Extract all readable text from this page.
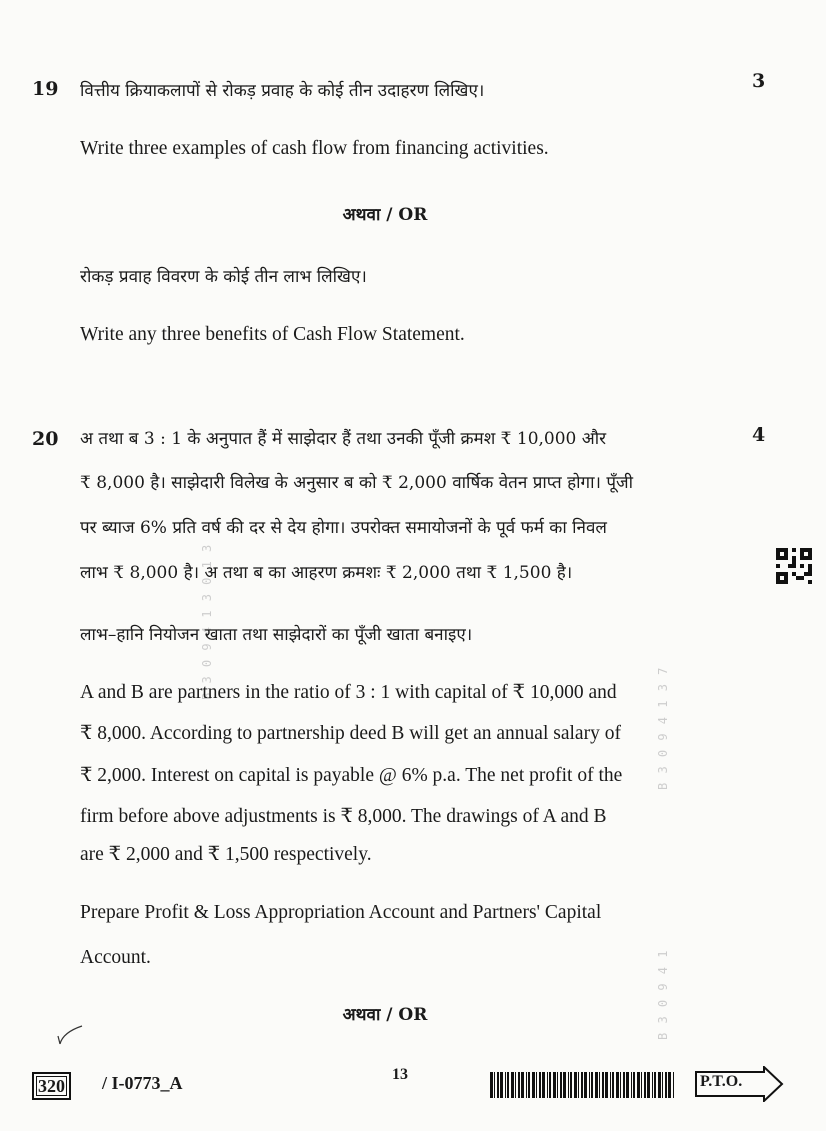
B 3 0 9 4 1 3 0 1 3
B 3 0 9 4 1 3 7
B 3 0 9 4 1
19	3
वित्तीय क्रियाकलापों से रोकड़ प्रवाह के कोई तीन उदाहरण लिखिए।
Write three examples of cash flow from financing activities.
अथवा / OR
रोकड़ प्रवाह विवरण के कोई तीन लाभ लिखिए।
Write any three benefits of Cash Flow Statement.
20	4
अ तथा ब 3 : 1 के अनुपात हैं में साझेदार हैं तथा उनकी पूँजी क्रमश ₹ 10,000 और
₹ 8,000 है। साझेदारी विलेख के अनुसार ब को ₹ 2,000 वार्षिक वेतन प्राप्त होगा। पूँजी
पर ब्याज 6% प्रति वर्ष की दर से देय होगा। उपरोक्त समायोजनों के पूर्व फर्म का निवल
लाभ ₹ 8,000 है। अ तथा ब का आहरण क्रमशः ₹ 2,000 तथा ₹ 1,500 है।
लाभ–हानि नियोजन खाता तथा साझेदारों का पूँजी खाता बनाइए।
A and B are partners in the ratio of 3 : 1 with capital of ₹ 10,000 and
₹ 8,000. According to partnership deed B will get an annual salary of
₹ 2,000. Interest on capital is payable @ 6% p.a. The net profit of the
firm before above adjustments is ₹ 8,000. The drawings of A and B
are ₹ 2,000 and ₹ 1,500 respectively.
Prepare Profit & Loss Appropriation Account and Partners' Capital
Account.
अथवा / OR
320	/ I-0773_A	13	P.T.O.
